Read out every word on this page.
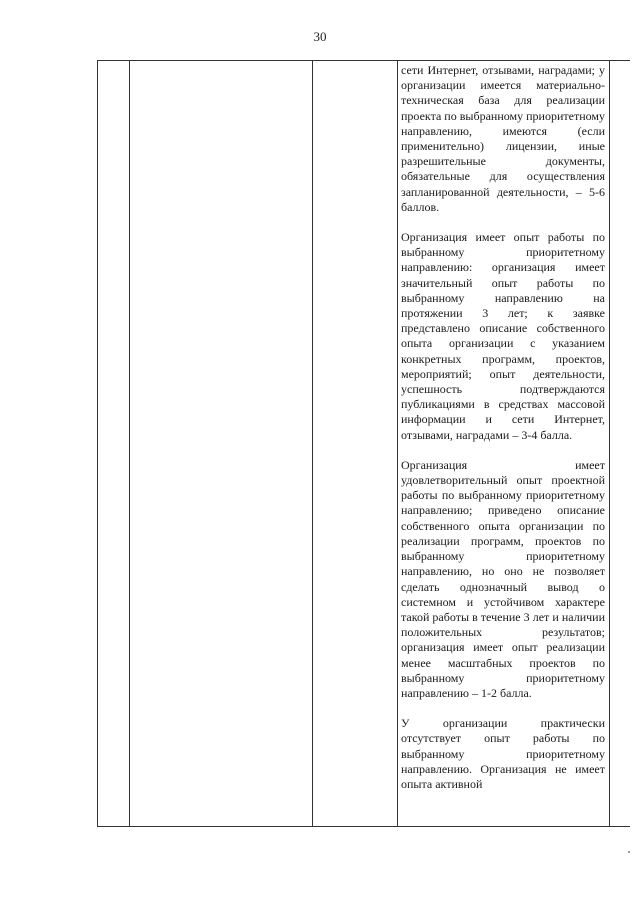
30

сети Интернет, отзывами, наградами; у организации имеется материально-техническая база для реализации проекта по выбранному приоритетному направлению, имеются (если применительно) лицензии, иные разрешительные документы, обязательные для осуществления запланированной деятельности, – 5-6 баллов.

Организация имеет опыт работы по выбранному приоритетному направлению: организация имеет значительный опыт работы по выбранному направлению на протяжении 3 лет; к заявке представлено описание собственного опыта организации с указанием конкретных программ, проектов, мероприятий; опыт деятельности, успешность подтверждаются публикациями в средствах массовой информации и сети Интернет, отзывами, наградами – 3-4 балла.

Организация имеет удовлетворительный опыт проектной работы по выбранному приоритетному направлению; приведено описание собственного опыта организации по реализации программ, проектов по выбранному приоритетному направлению, но оно не позволяет сделать однозначный вывод о системном и устойчивом характере такой работы в течение 3 лет и наличии положительных результатов; организация имеет опыт реализации менее масштабных проектов по выбранному приоритетному направлению – 1-2 балла.

У организации практически отсутствует опыт работы по выбранному приоритетному направлению. Организация не имеет опыта активной
